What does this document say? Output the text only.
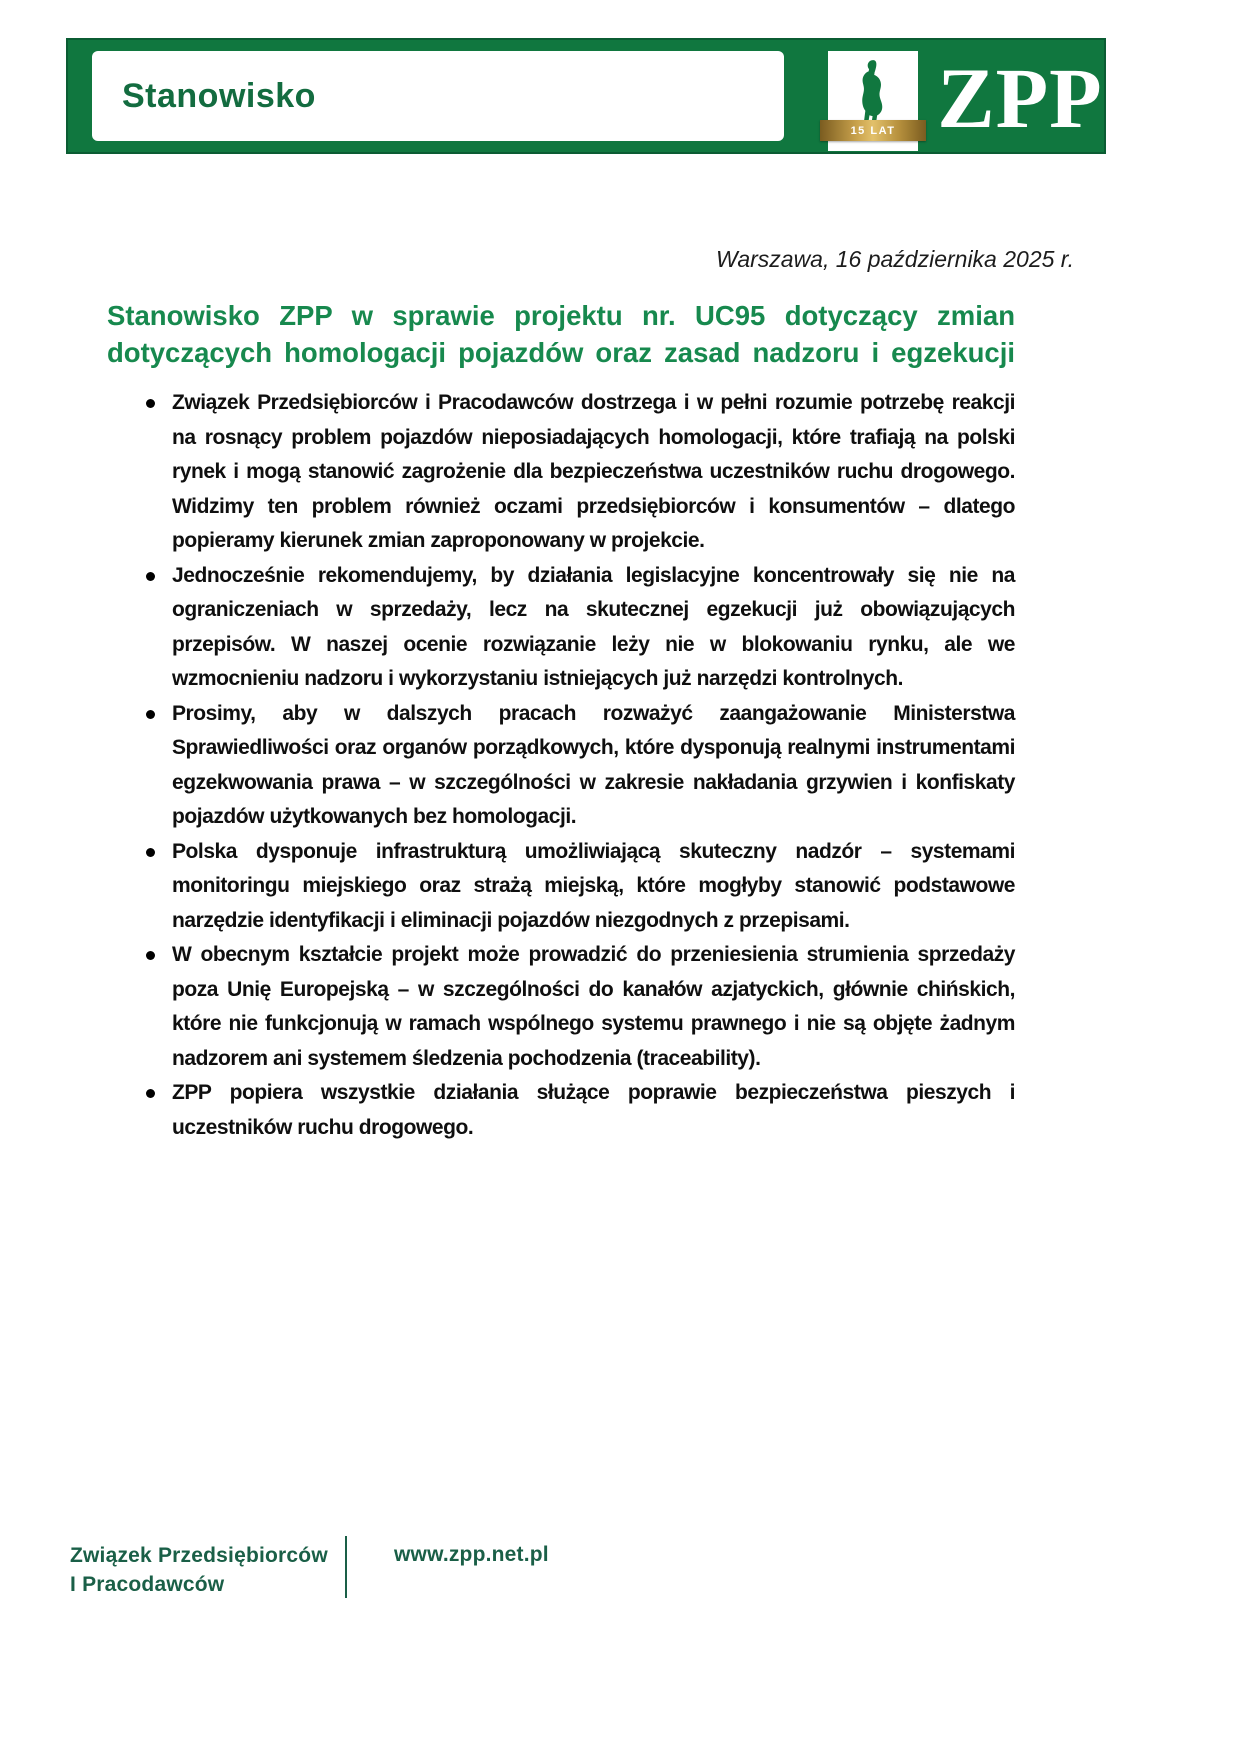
Stanowisko
15 LAT ZPP
Warszawa, 16 października 2025 r.
Stanowisko ZPP w sprawie projektu nr. UC95 dotyczący zmian
dotyczących homologacji pojazdów oraz zasad nadzoru i egzekucji
Związek Przedsiębiorców i Pracodawców dostrzega i w pełni rozumie potrzebę reakcji na rosnący problem pojazdów nieposiadających homologacji, które trafiają na polski rynek i mogą stanowić zagrożenie dla bezpieczeństwa uczestników ruchu drogowego. Widzimy ten problem również oczami przedsiębiorców i konsumentów – dlatego popieramy kierunek zmian zaproponowany w projekcie.
Jednocześnie rekomendujemy, by działania legislacyjne koncentrowały się nie na ograniczeniach w sprzedaży, lecz na skutecznej egzekucji już obowiązujących przepisów. W naszej ocenie rozwiązanie leży nie w blokowaniu rynku, ale we wzmocnieniu nadzoru i wykorzystaniu istniejących już narzędzi kontrolnych.
Prosimy, aby w dalszych pracach rozważyć zaangażowanie Ministerstwa Sprawiedliwości oraz organów porządkowych, które dysponują realnymi instrumentami egzekwowania prawa – w szczególności w zakresie nakładania grzywien i konfiskaty pojazdów użytkowanych bez homologacji.
Polska dysponuje infrastrukturą umożliwiającą skuteczny nadzór – systemami monitoringu miejskiego oraz strażą miejską, które mogłyby stanowić podstawowe narzędzie identyfikacji i eliminacji pojazdów niezgodnych z przepisami.
W obecnym kształcie projekt może prowadzić do przeniesienia strumienia sprzedaży poza Unię Europejską – w szczególności do kanałów azjatyckich, głównie chińskich, które nie funkcjonują w ramach wspólnego systemu prawnego i nie są objęte żadnym nadzorem ani systemem śledzenia pochodzenia (traceability).
ZPP popiera wszystkie działania służące poprawie bezpieczeństwa pieszych i uczestników ruchu drogowego.
Związek Przedsiębiorców
I Pracodawców
www.zpp.net.pl
